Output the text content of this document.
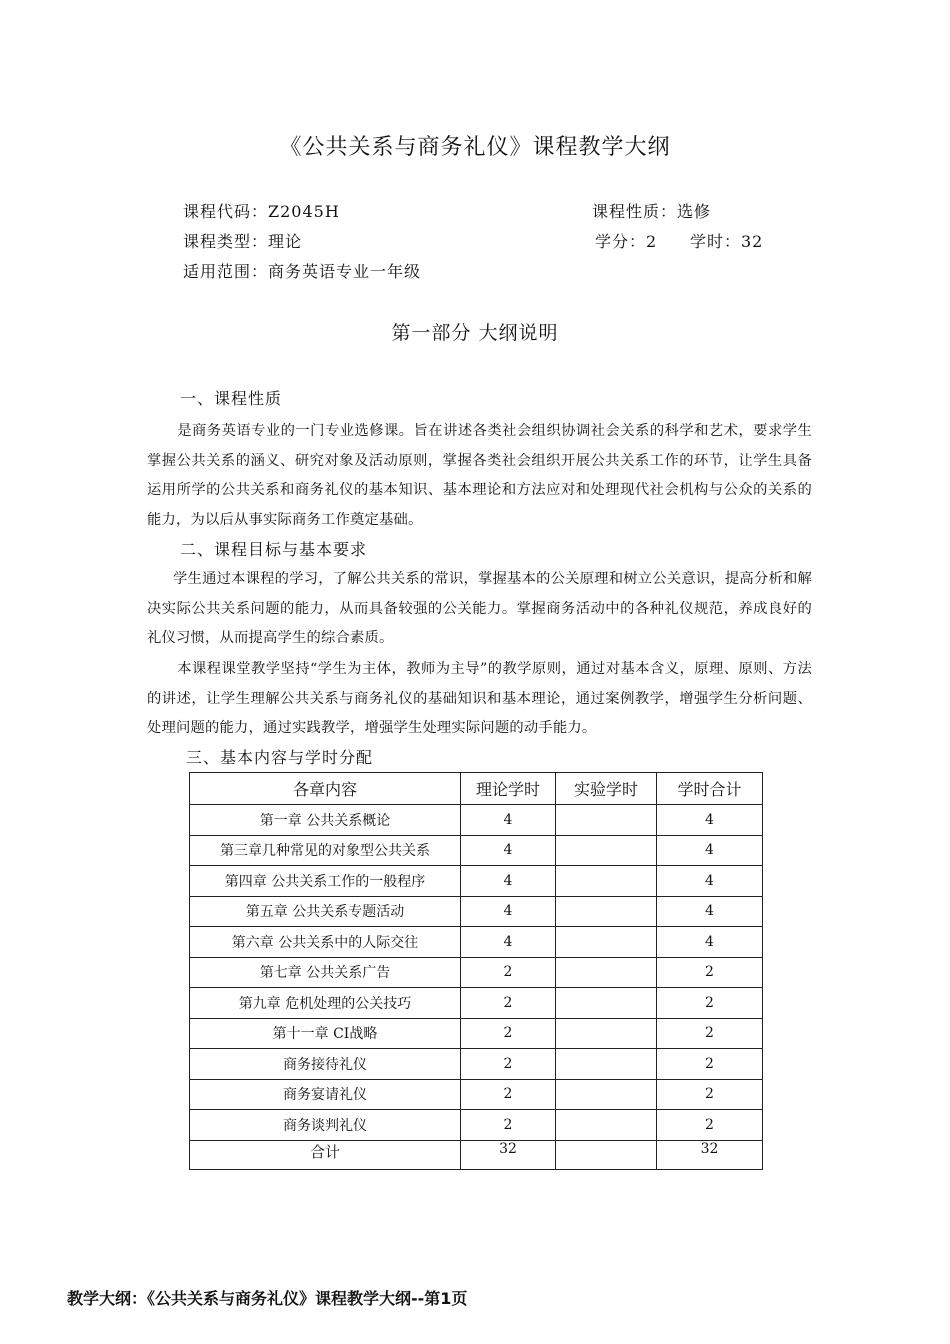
《公共关系与商务礼仪》课程教学大纲
课程代码：Z2045H	课程性质：选修
课程类型：理论	学分：2 学时：32
适用范围：商务英语专业一年级
第一部分 大纲说明
一、课程性质
是商务英语专业的一门专业选修课。旨在讲述各类社会组织协调社会关系的科学和艺术，要求学生掌握公共关系的涵义、研究对象及活动原则，掌握各类社会组织开展公共关系工作的环节，让学生具备运用所学的公共关系和商务礼仪的基本知识、基本理论和方法应对和处理现代社会机构与公众的关系的能力，为以后从事实际商务工作奠定基础。
二、课程目标与基本要求
学生通过本课程的学习，了解公共关系的常识，掌握基本的公关原理和树立公关意识，提高分析和解决实际公共关系问题的能力，从而具备较强的公关能力。掌握商务活动中的各种礼仪规范，养成良好的礼仪习惯，从而提高学生的综合素质。
本课程课堂教学坚持“学生为主体，教师为主导”的教学原则，通过对基本含义，原理、原则、方法的讲述，让学生理解公共关系与商务礼仪的基础知识和基本理论，通过案例教学，增强学生分析问题、处理问题的能力，通过实践教学，增强学生处理实际问题的动手能力。
三、基本内容与学时分配
各章内容	理论学时	实验学时	学时合计
第一章 公共关系概论	4		4
第三章几种常见的对象型公共关系	4		4
第四章 公共关系工作的一般程序	4		4
第五章 公共关系专题活动	4		4
第六章 公共关系中的人际交往	4		4
第七章 公共关系广告	2		2
第九章 危机处理的公关技巧	2		2
第十一章 CI战略	2		2
商务接待礼仪	2		2
商务宴请礼仪	2		2
商务谈判礼仪	2		2
合计	32		32
教学大纲：《公共关系与商务礼仪》课程教学大纲--第1页
